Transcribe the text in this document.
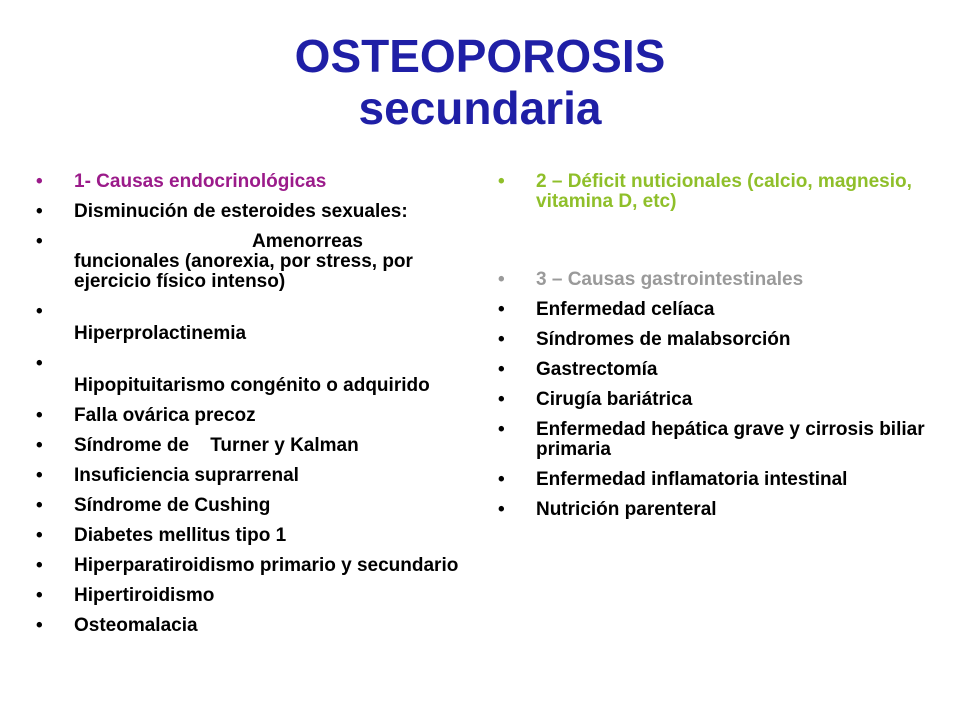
OSTEOPOROSIS
secundaria
• 1- Causas endocrinológicas
• Disminución de esteroides sexuales:
• Amenorreas
funcionales (anorexia, por stress, por ejercicio físico intenso)
• Hiperprolactinemia
• Hipopituitarismo congénito o adquirido
• Falla ovárica precoz
• Síndrome de    Turner y Kalman
• Insuficiencia suprarrenal
• Síndrome de Cushing
• Diabetes mellitus tipo 1
• Hiperparatiroidismo primario y secundario
• Hipertiroidismo
• Osteomalacia
• 2 – Déficit nuticionales (calcio, magnesio, vitamina D, etc)
• 3 – Causas gastrointestinales
• Enfermedad celíaca
• Síndromes de malabsorción
• Gastrectomía
• Cirugía bariátrica
• Enfermedad hepática grave y cirrosis biliar primaria
• Enfermedad inflamatoria intestinal
• Nutrición parenteral
